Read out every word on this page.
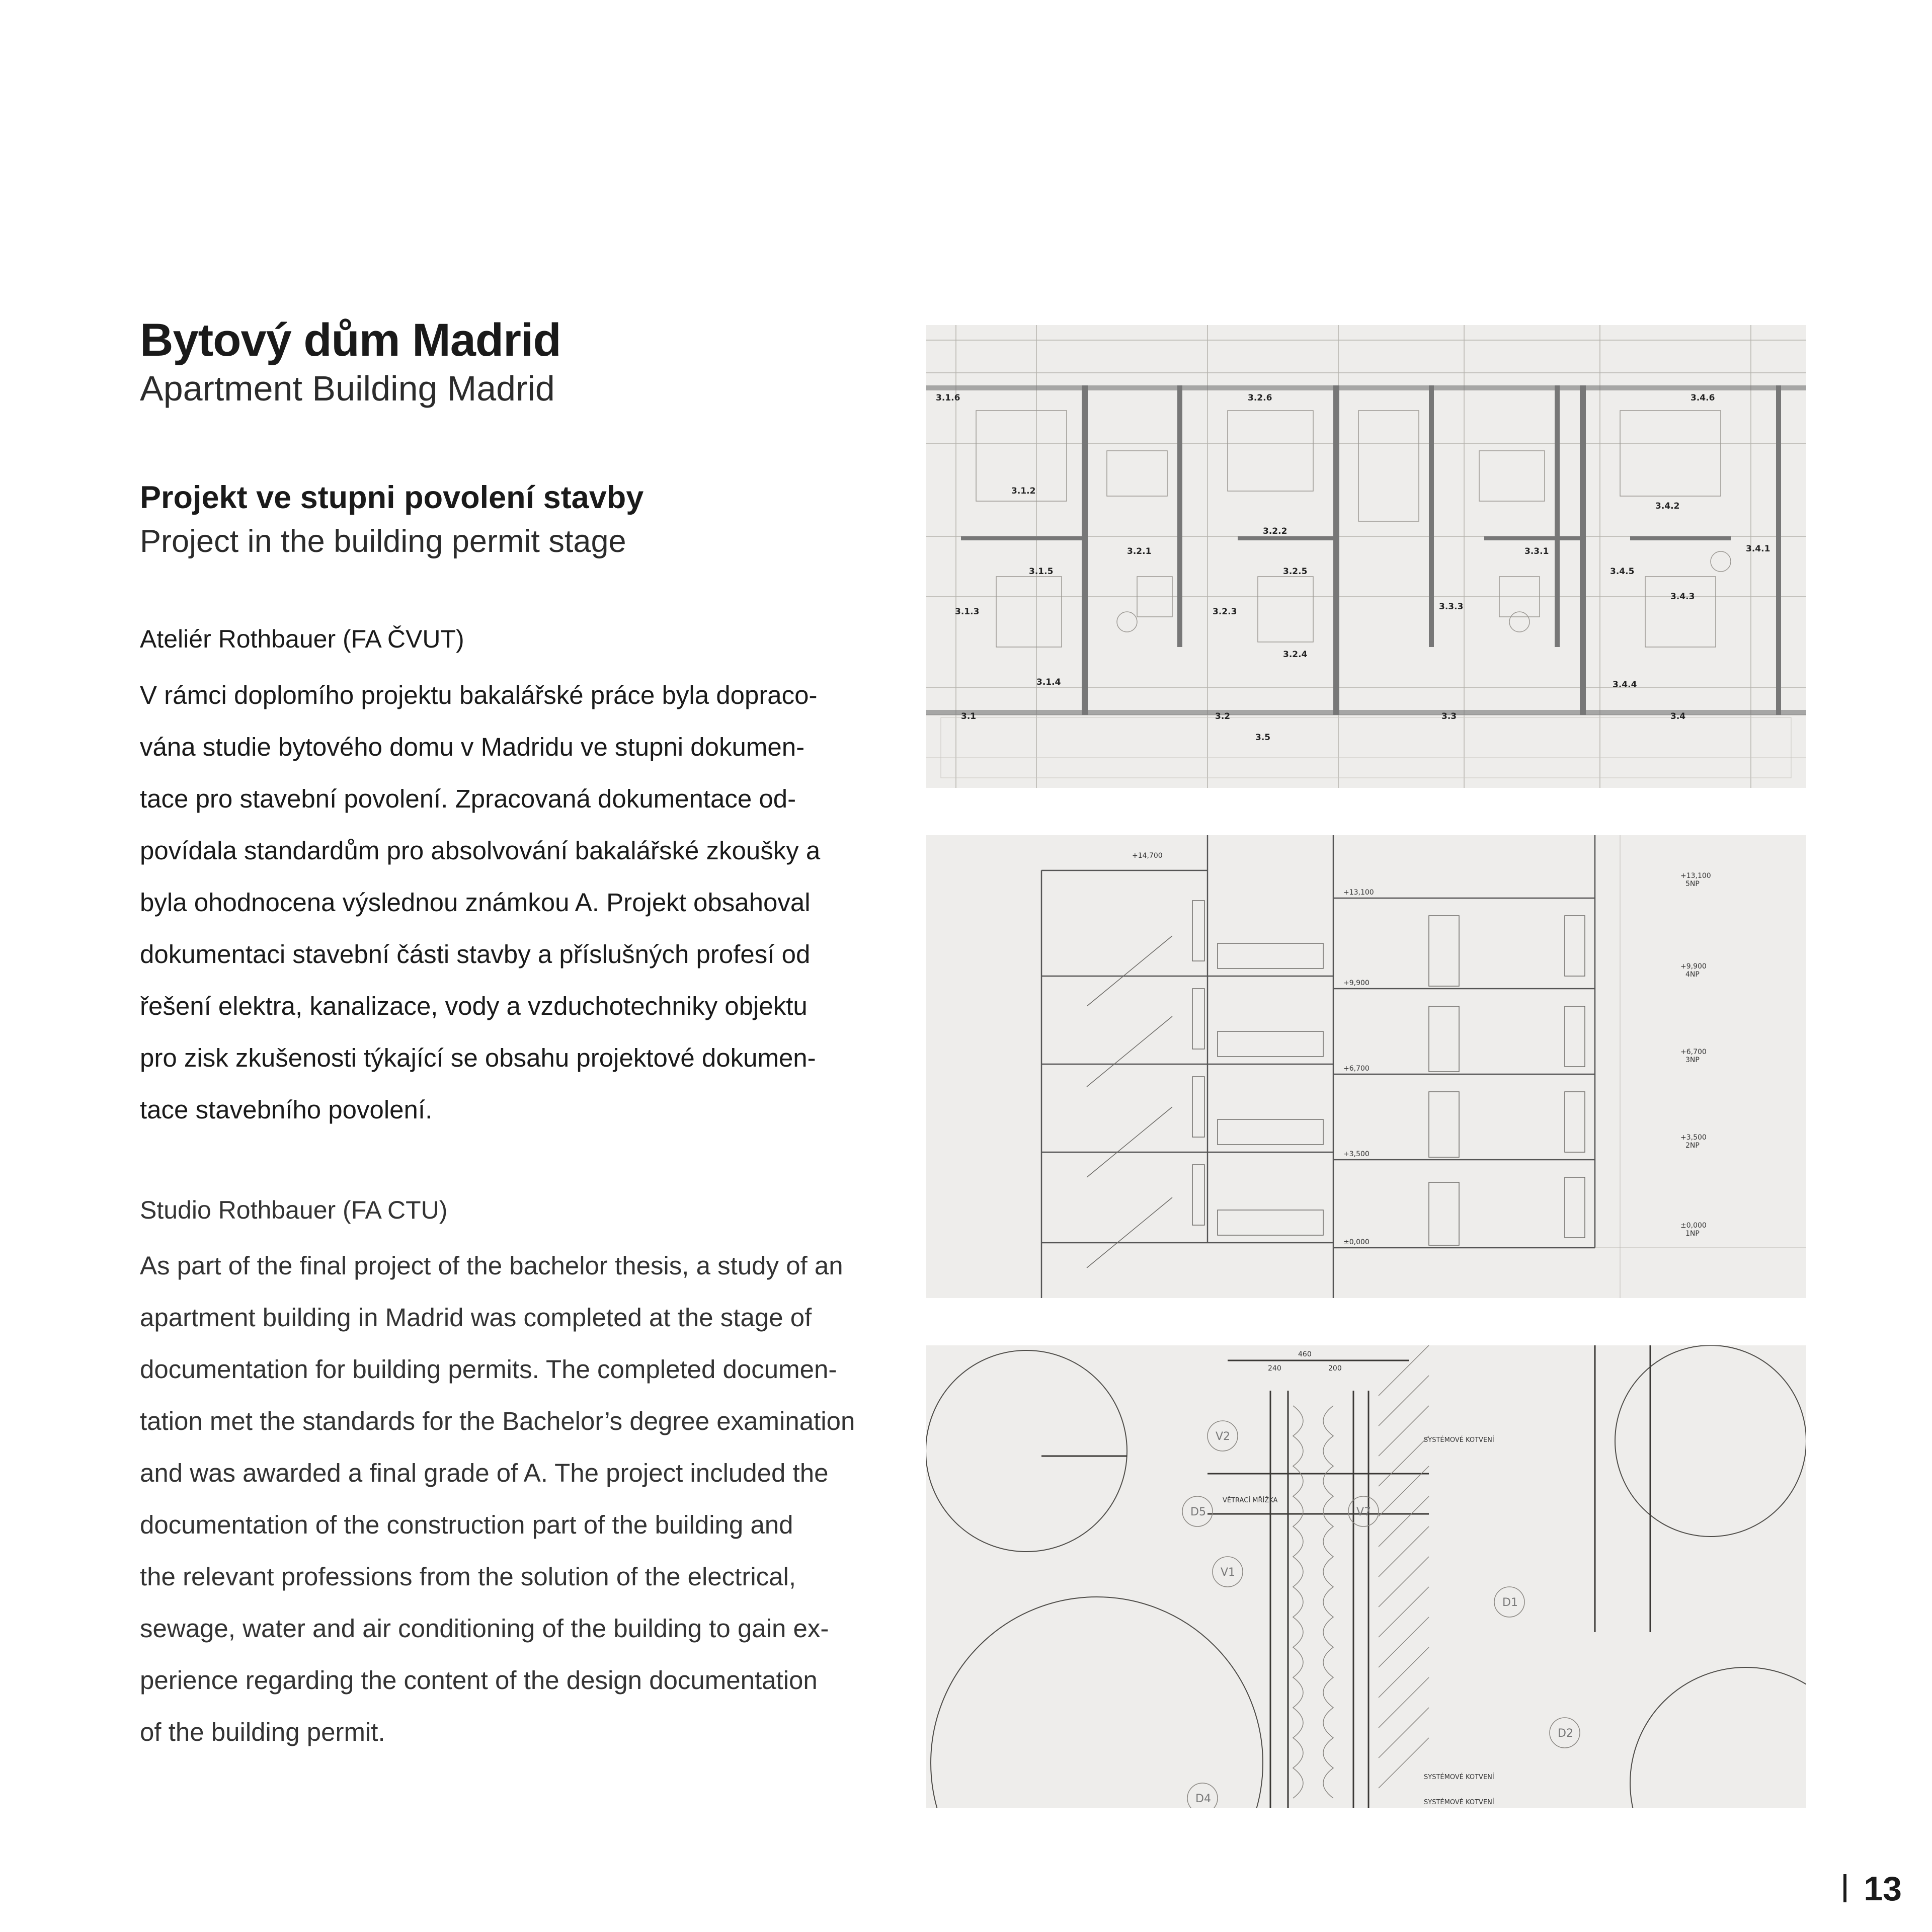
Bytový dům Madrid
Apartment Building Madrid
Projekt ve stupni povolení stavby
Project in the building permit stage
Ateliér Rothbauer (FA ČVUT)

V rámci doplomího projektu bakalářské práce byla dopraco-
vána studie bytového domu v Madridu ve stupni dokumen-
tace pro stavební povolení. Zpracovaná dokumentace od-
povídala standardům pro absolvování bakalářské zkoušky a
byla ohodnocena výslednou známkou A. Projekt obsahoval
dokumentaci stavební části stavby a příslušných profesí od
řešení elektra, kanalizace, vody a vzduchotechniky objektu
pro zisk zkušenosti týkající se obsahu projektové dokumen-
tace stavebního povolení.

Studio Rothbauer (FA CTU)

As part of the final project of the bachelor thesis, a study of an
apartment building in Madrid was completed at the stage of
documentation for building permits. The completed documen-
tation met the standards for the Bachelor’s degree examination
and was awarded a final grade of A. The project included the
documentation of the construction part of the building and
the relevant professions from the solution of the electrical,
sewage, water and air conditioning of the building to gain ex-
perience regarding the content of the design documentation
of the building permit.

3.1.6	3.2.6	3.4.6
3.1.2
3.4.2
3.2.2
3.2.1	3.3.1	3.4.1
3.1.5	3.2.5	3.4.5
3.4.3
3.1.3	3.2.3	3.3.3
3.2.4
3.1.4	3.4.4
3.1	3.2	3.3	3.4
3.5
+14,700
+13,100
+9,900
+6,700
+3,500
±0,000
+13,100
5NP
+9,900
4NP
+6,700
3NP
+3,500
2NP
±0,000
1NP
460
240	200
V2
V7
V1
D5
D1
D2
D4
SYSTÉMOVÉ KOTVENÍ
VĚTRACÍ MŘÍŽKA
SYSTÉMOVÉ KOTVENÍ
SYSTÉMOVÉ KOTVENÍ
13
